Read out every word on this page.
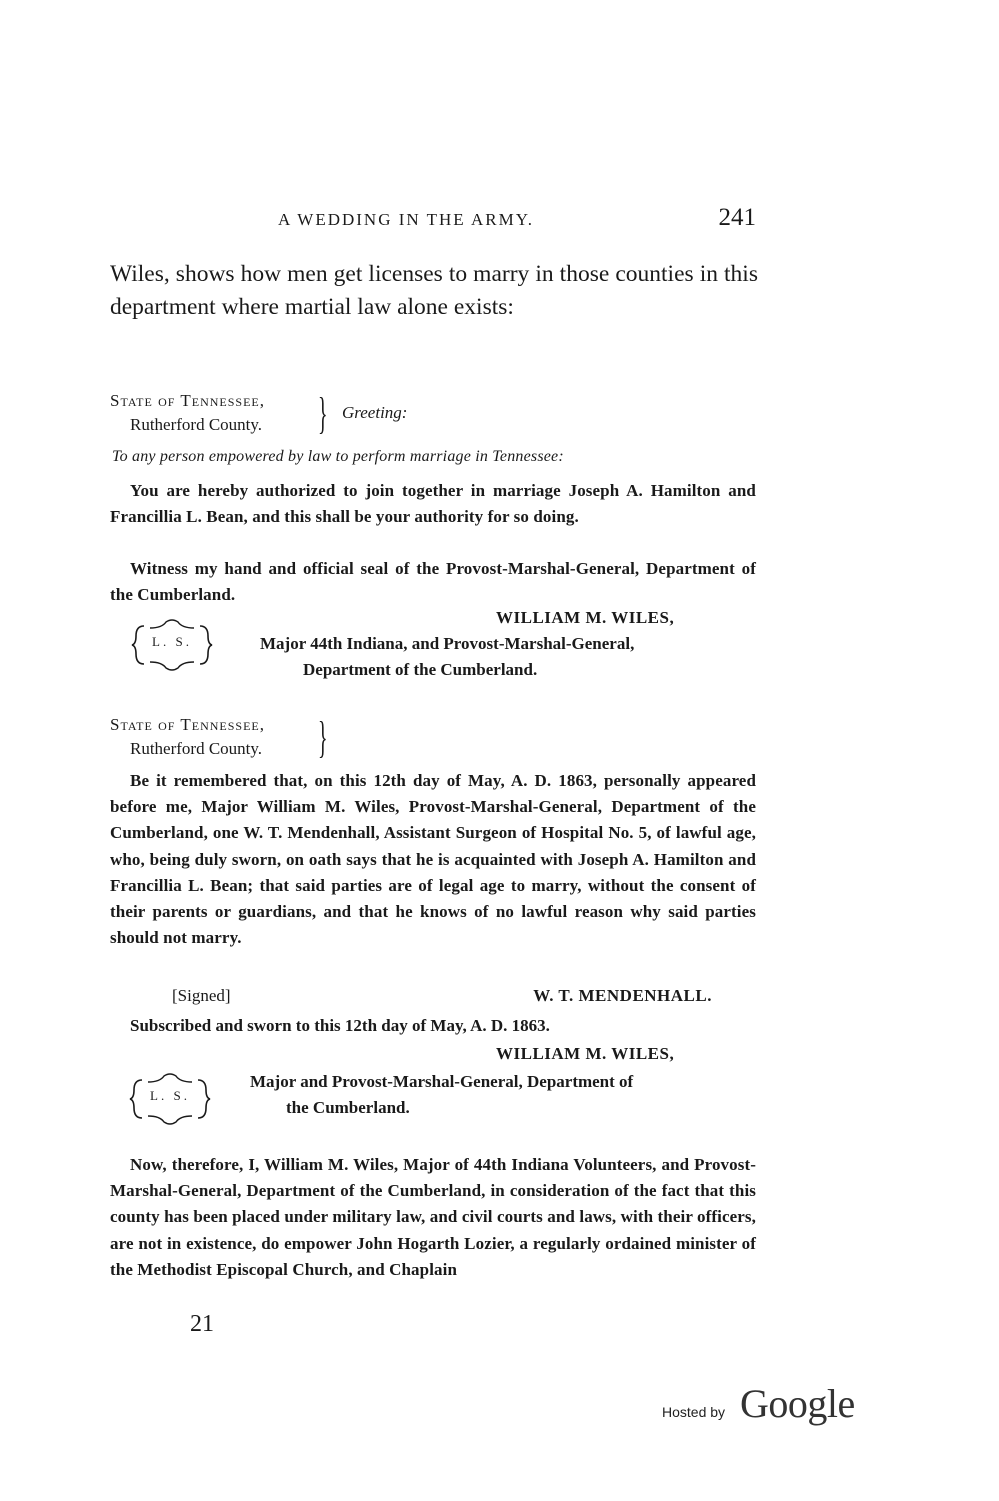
A WEDDING IN THE ARMY.	241
Wiles, shows how men get licenses to marry in those counties in this department where martial law alone exists:
State of Tennessee,
Rutherford County. } Greeting:
To any person empowered by law to perform marriage in Tennessee:
You are hereby authorized to join together in marriage Joseph A. Hamilton and Francillia L. Bean, and this shall be your authority for so doing.
Witness my hand and official seal of the Provost-Marshal-General, Department of the Cumberland.
WILLIAM M. WILES,
Major 44th Indiana, and Provost-Marshal-General,
Department of the Cumberland.
L. S.
State of Tennessee,
Rutherford County. }
Be it remembered that, on this 12th day of May, A. D. 1863, personally appeared before me, Major William M. Wiles, Provost-Marshal-General, Department of the Cumberland, one W. T. Mendenhall, Assistant Surgeon of Hospital No. 5, of lawful age, who, being duly sworn, on oath says that he is acquainted with Joseph A. Hamilton and Francillia L. Bean; that said parties are of legal age to marry, without the consent of their parents or guardians, and that he knows of no lawful reason why said parties should not marry.
[Signed]	W. T. MENDENHALL.
Subscribed and sworn to this 12th day of May, A. D. 1863.
WILLIAM M. WILES,
Major and Provost-Marshal-General, Department of
the Cumberland.
L. S.
Now, therefore, I, William M. Wiles, Major of 44th Indiana Volunteers, and Provost-Marshal-General, Department of the Cumberland, in consideration of the fact that this county has been placed under military law, and civil courts and laws, with their officers, are not in existence, do empower John Hogarth Lozier, a regularly ordained minister of the Methodist Episcopal Church, and Chaplain
21
Hosted by Google
